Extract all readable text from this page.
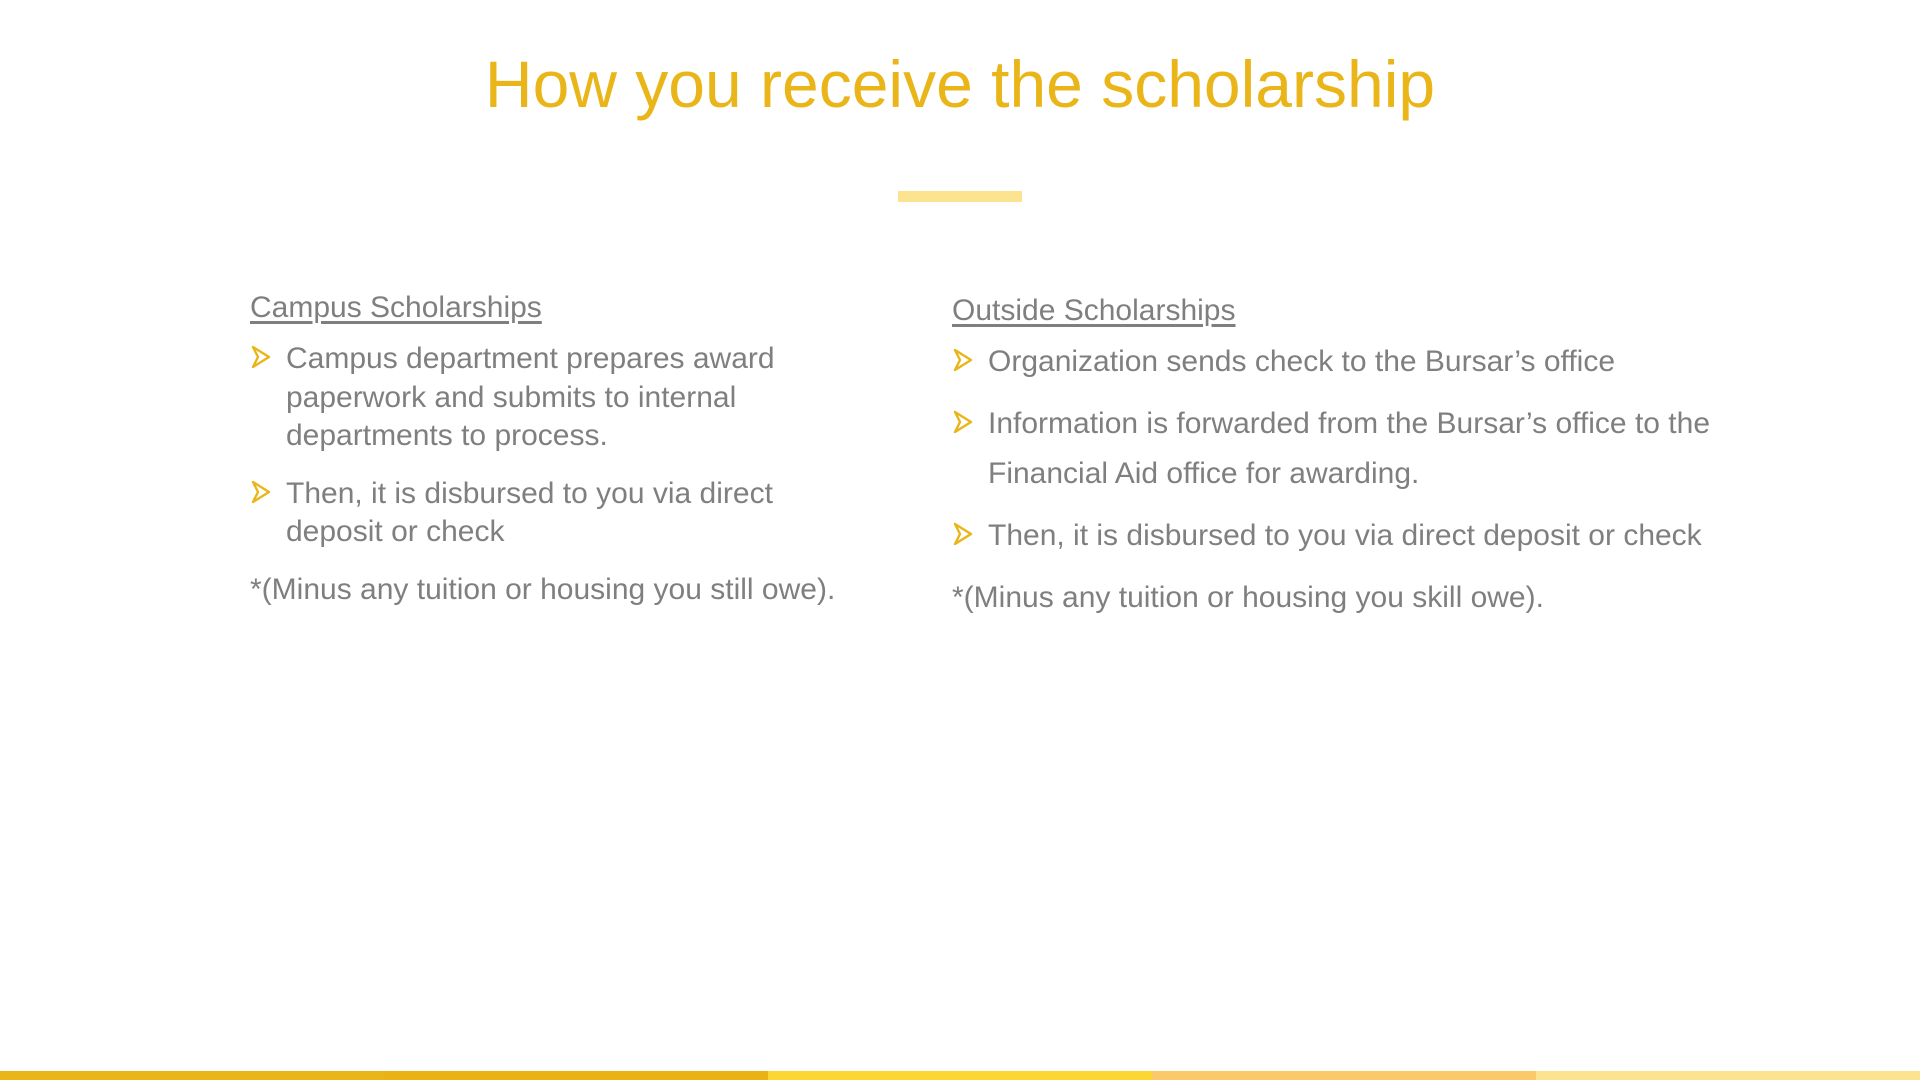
How you receive the scholarship
Campus Scholarships
Campus department prepares award paperwork and submits to internal departments to process.
Then, it is disbursed to you via direct deposit or check
*(Minus any tuition or housing you still owe).
Outside Scholarships
Organization sends check to the Bursar’s office
Information is forwarded from the Bursar’s office to the Financial Aid office for awarding.
Then, it is disbursed to you via direct deposit or check
*(Minus any tuition or housing you skill owe).
